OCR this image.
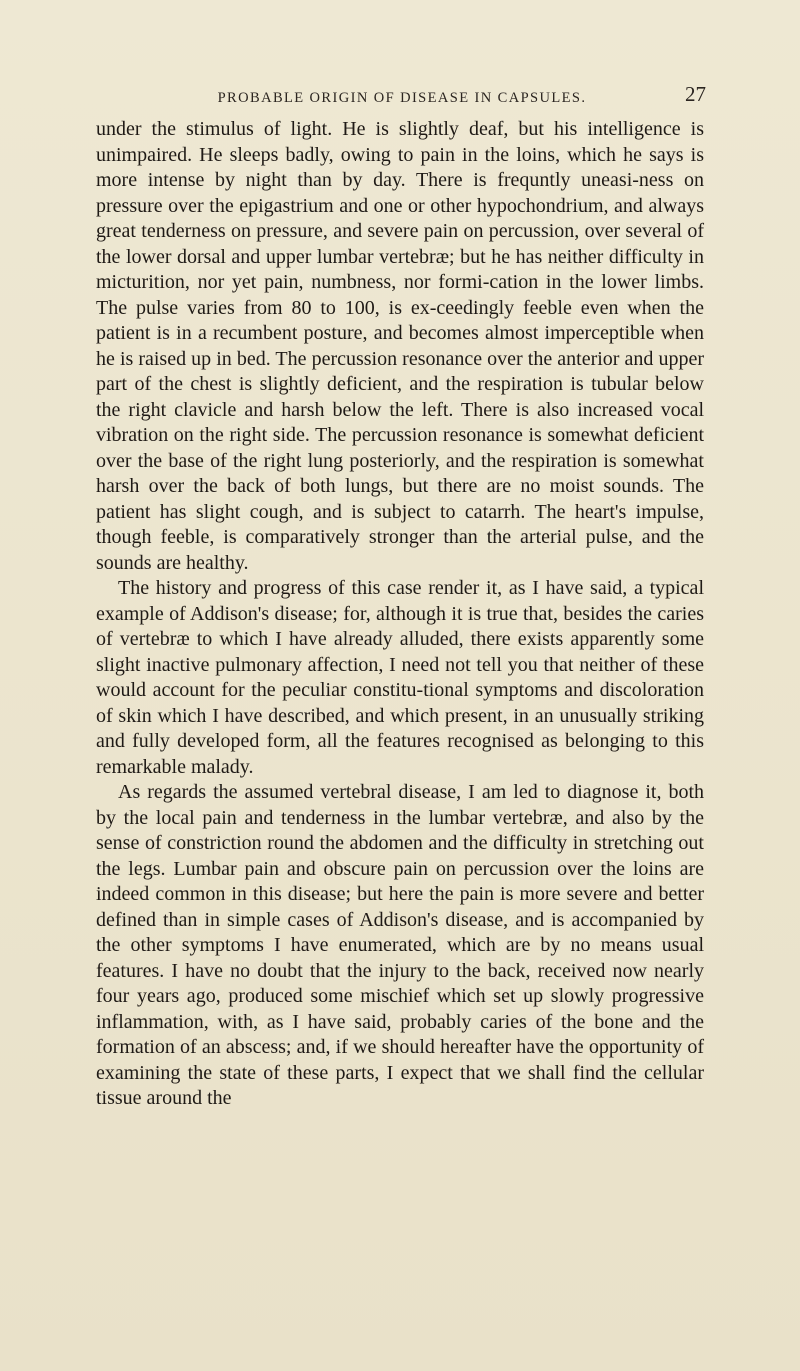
PROBABLE ORIGIN OF DISEASE IN CAPSULES.	27

under the stimulus of light. He is slightly deaf, but his intelligence is unimpaired. He sleeps badly, owing to pain in the loins, which he says is more intense by night than by day. There is frequntly uneasi-ness on pressure over the epigastrium and one or other hypochondrium, and always great tenderness on pressure, and severe pain on percussion, over several of the lower dorsal and upper lumbar vertebræ; but he has neither difficulty in micturition, nor yet pain, numbness, nor formi-cation in the lower limbs. The pulse varies from 80 to 100, is ex-ceedingly feeble even when the patient is in a recumbent posture, and becomes almost imperceptible when he is raised up in bed. The percussion resonance over the anterior and upper part of the chest is slightly deficient, and the respiration is tubular below the right clavicle and harsh below the left. There is also increased vocal vibration on the right side. The percussion resonance is somewhat deficient over the base of the right lung posteriorly, and the respiration is somewhat harsh over the back of both lungs, but there are no moist sounds. The patient has slight cough, and is subject to catarrh. The heart's impulse, though feeble, is comparatively stronger than the arterial pulse, and the sounds are healthy.

The history and progress of this case render it, as I have said, a typical example of Addison's disease; for, although it is true that, besides the caries of vertebræ to which I have already alluded, there exists apparently some slight inactive pulmonary affection, I need not tell you that neither of these would account for the peculiar constitu-tional symptoms and discoloration of skin which I have described, and which present, in an unusually striking and fully developed form, all the features recognised as belonging to this remarkable malady.

As regards the assumed vertebral disease, I am led to diagnose it, both by the local pain and tenderness in the lumbar vertebræ, and also by the sense of constriction round the abdomen and the difficulty in stretching out the legs. Lumbar pain and obscure pain on percussion over the loins are indeed common in this disease; but here the pain is more severe and better defined than in simple cases of Addison's disease, and is accompanied by the other symptoms I have enumerated, which are by no means usual features. I have no doubt that the injury to the back, received now nearly four years ago, produced some mischief which set up slowly progressive inflammation, with, as I have said, probably caries of the bone and the formation of an abscess; and, if we should hereafter have the opportunity of examining the state of these parts, I expect that we shall find the cellular tissue around the
